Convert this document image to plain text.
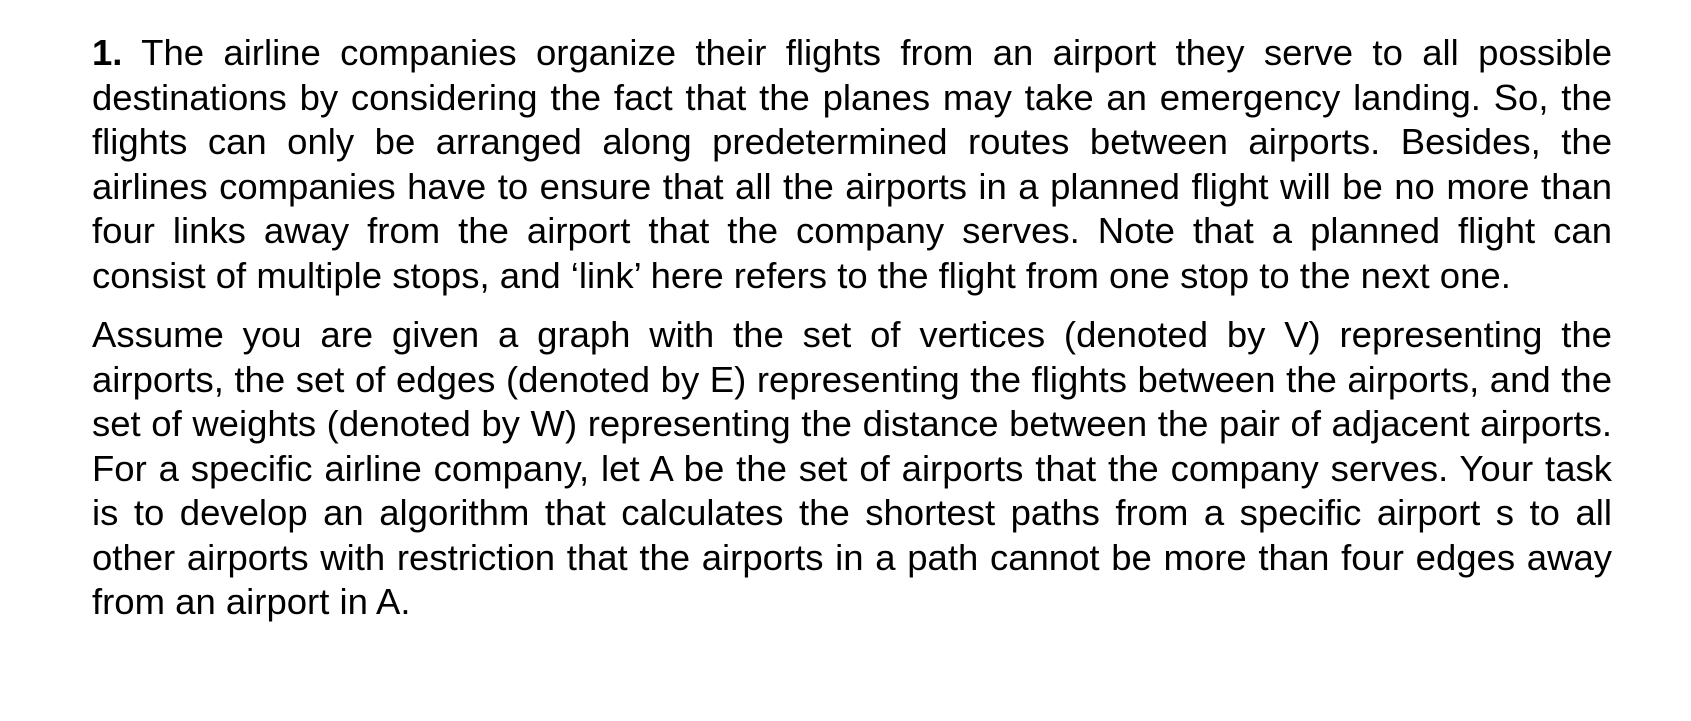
1. The airline companies organize their flights from an airport they serve to all possible destinations by considering the fact that the planes may take an emergency landing. So, the flights can only be arranged along predetermined routes between airports. Besides, the airlines companies have to ensure that all the airports in a planned flight will be no more than four links away from the airport that the company serves. Note that a planned flight can consist of multiple stops, and ‘link’ here refers to the flight from one stop to the next one.

Assume you are given a graph with the set of vertices (denoted by V) representing the airports, the set of edges (denoted by E) representing the flights between the airports, and the set of weights (denoted by W) representing the distance between the pair of adjacent airports. For a specific airline company, let A be the set of airports that the company serves. Your task is to develop an algorithm that calculates the shortest paths from a specific airport s to all other airports with restriction that the airports in a path cannot be more than four edges away from an airport in A.
